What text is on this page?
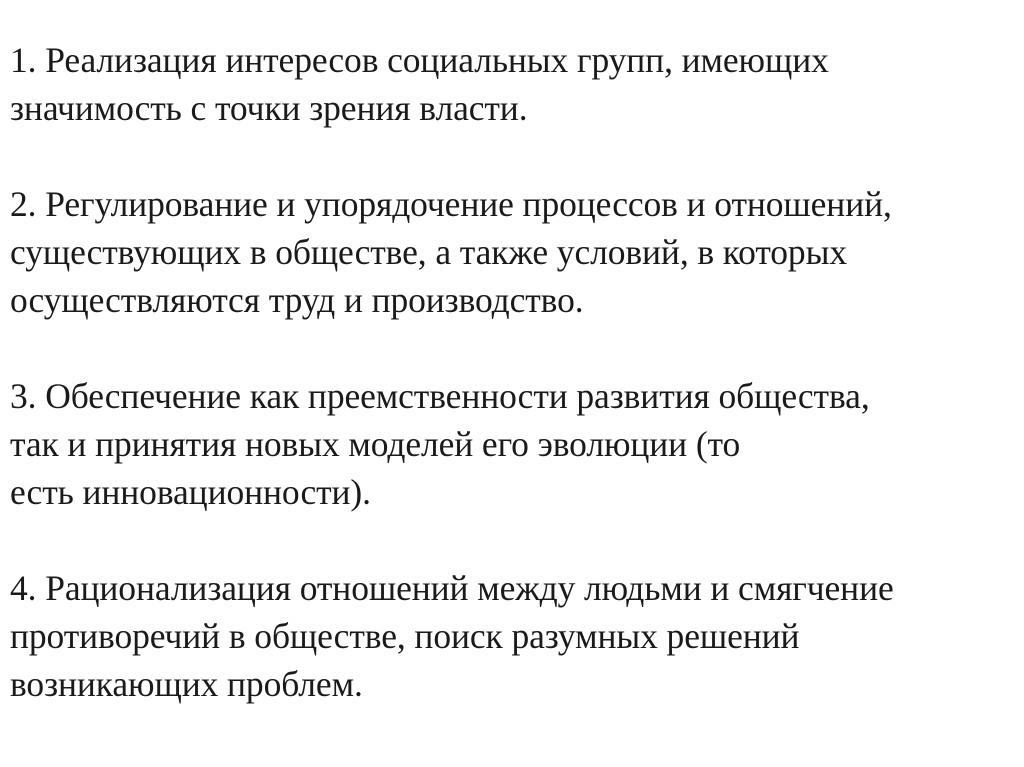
1. Реализация интересов социальных групп, имеющих
значимость с точки зрения власти.

2. Регулирование и упорядочение процессов и отношений,
существующих в обществе, а также условий, в которых
осуществляются труд и производство.

3. Обеспечение как преемственности развития общества,
так и принятия новых моделей его эволюции (то
есть инновационности).

4. Рационализация отношений между людьми и смягчение
противоречий в обществе, поиск разумных решений
возникающих проблем.
